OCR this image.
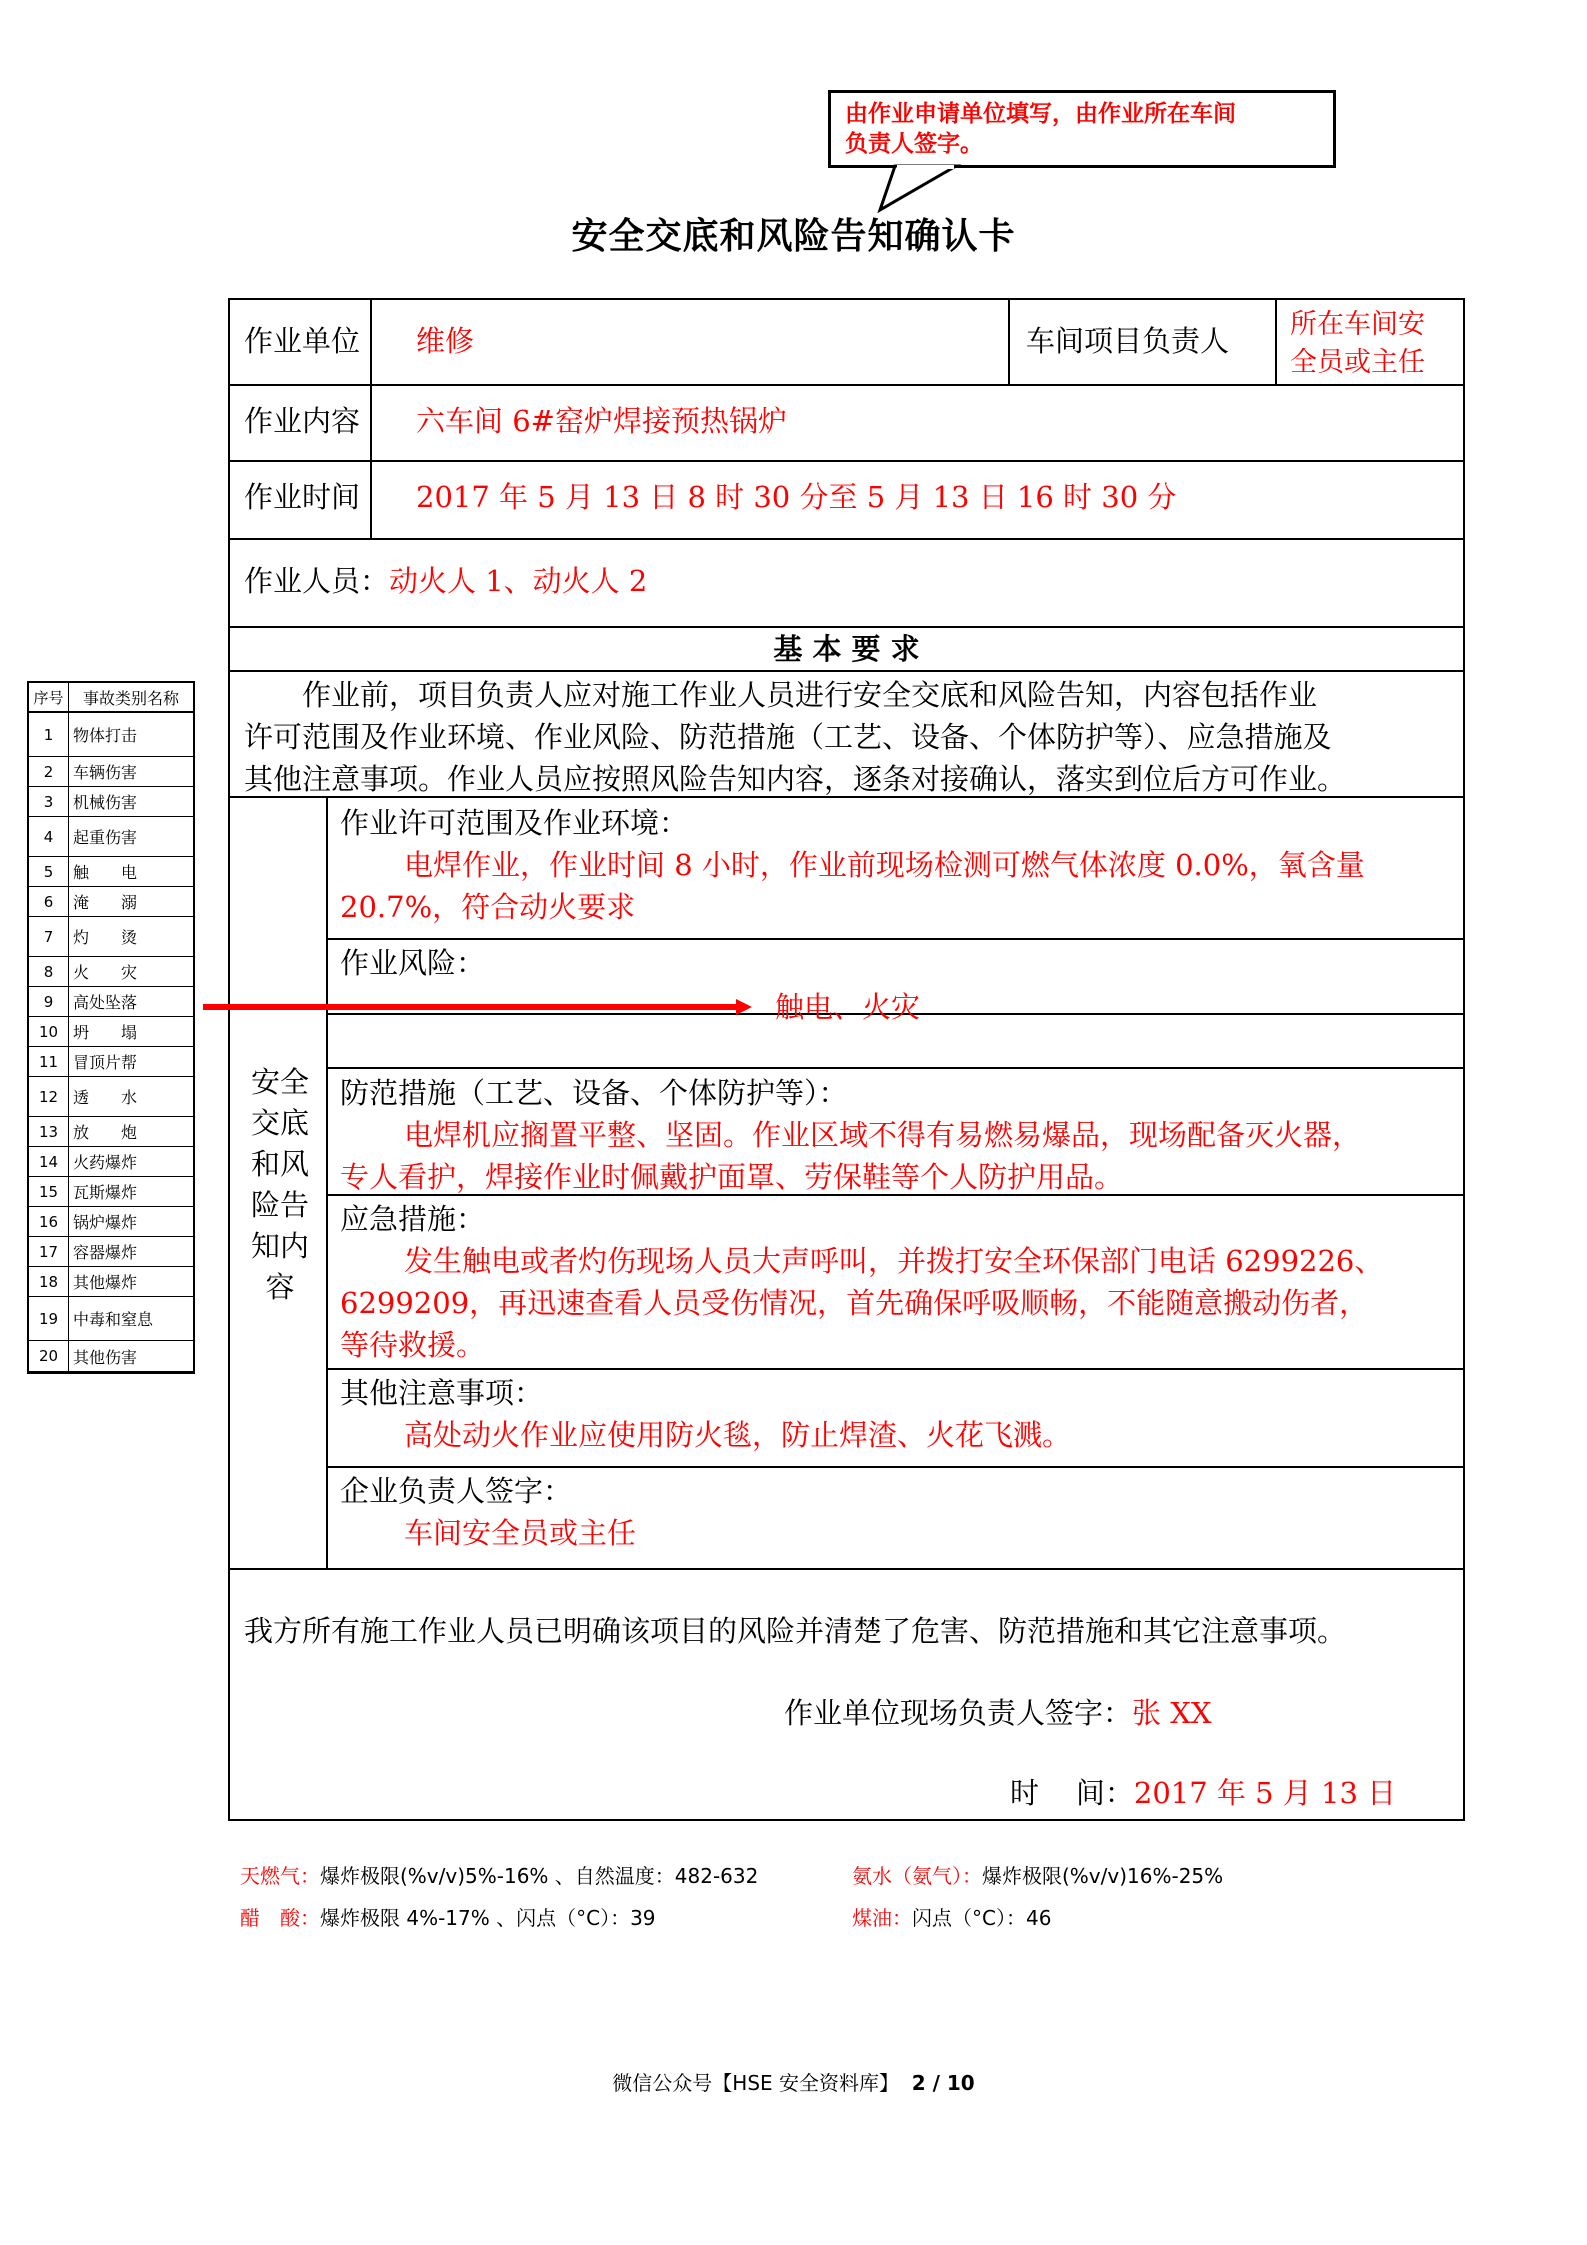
由作业申请单位填写，由作业所在车间
负责人签字。
安全交底和风险告知确认卡
作业单位 维修	车间项目负责人 所在车间安
全员或主任
作业内容 六车间 6#窑炉焊接预热锅炉
作业时间 2017 年 5 月 13 日 8 时 30 分至 5 月 13 日 16 时 30 分
作业人员：动火人 1、动火人 2
基 本 要 求
作业前，项目负责人应对施工作业人员进行安全交底和风险告知，内容包括作业
许可范围及作业环境、作业风险、防范措施（工艺、设备、个体防护等）、应急措施及
其他注意事项。作业人员应按照风险告知内容，逐条对接确认，落实到位后方可作业。
安全
交底
和风
险告
知内
容
作业许可范围及作业环境：
电焊作业，作业时间 8 小时，作业前现场检测可燃气体浓度 0.0%，氧含量
20.7%，符合动火要求
作业风险：
触电、火灾
防范措施（工艺、设备、个体防护等）：
电焊机应搁置平整、坚固。作业区域不得有易燃易爆品，现场配备灭火器，
专人看护，焊接作业时佩戴护面罩、劳保鞋等个人防护用品。
应急措施：
发生触电或者灼伤现场人员大声呼叫，并拨打安全环保部门电话 6299226、
6299209，再迅速查看人员受伤情况，首先确保呼吸顺畅，不能随意搬动伤者，
等待救援。
其他注意事项：
高处动火作业应使用防火毯，防止焊渣、火花飞溅。
企业负责人签字：
车间安全员或主任
我方所有施工作业人员已明确该项目的风险并清楚了危害、防范措施和其它注意事项。
作业单位现场负责人签字：张 XX
时    间：2017 年 5 月 13 日
序号	事故类别名称
1	物体打击
2	车辆伤害
3	机械伤害
4	起重伤害
5	触　　电
6	淹　　溺
7	灼　　烫
8	火　　灾
9	高处坠落
10 坍　　塌
11 冒顶片帮
12 透　　水
13 放　　炮
14 火药爆炸
15 瓦斯爆炸
16 锅炉爆炸
17 容器爆炸
18 其他爆炸
19 中毒和窒息
20 其他伤害
天燃气：爆炸极限(%v/v)5%-16% 、自然温度：482-632	氨水（氨气）：爆炸极限(%v/v)16%-25%
醋　酸：爆炸极限 4%-17% 、闪点（°C）：39	煤油：闪点（°C）：46
微信公众号【HSE 安全资料库】 2 / 10
